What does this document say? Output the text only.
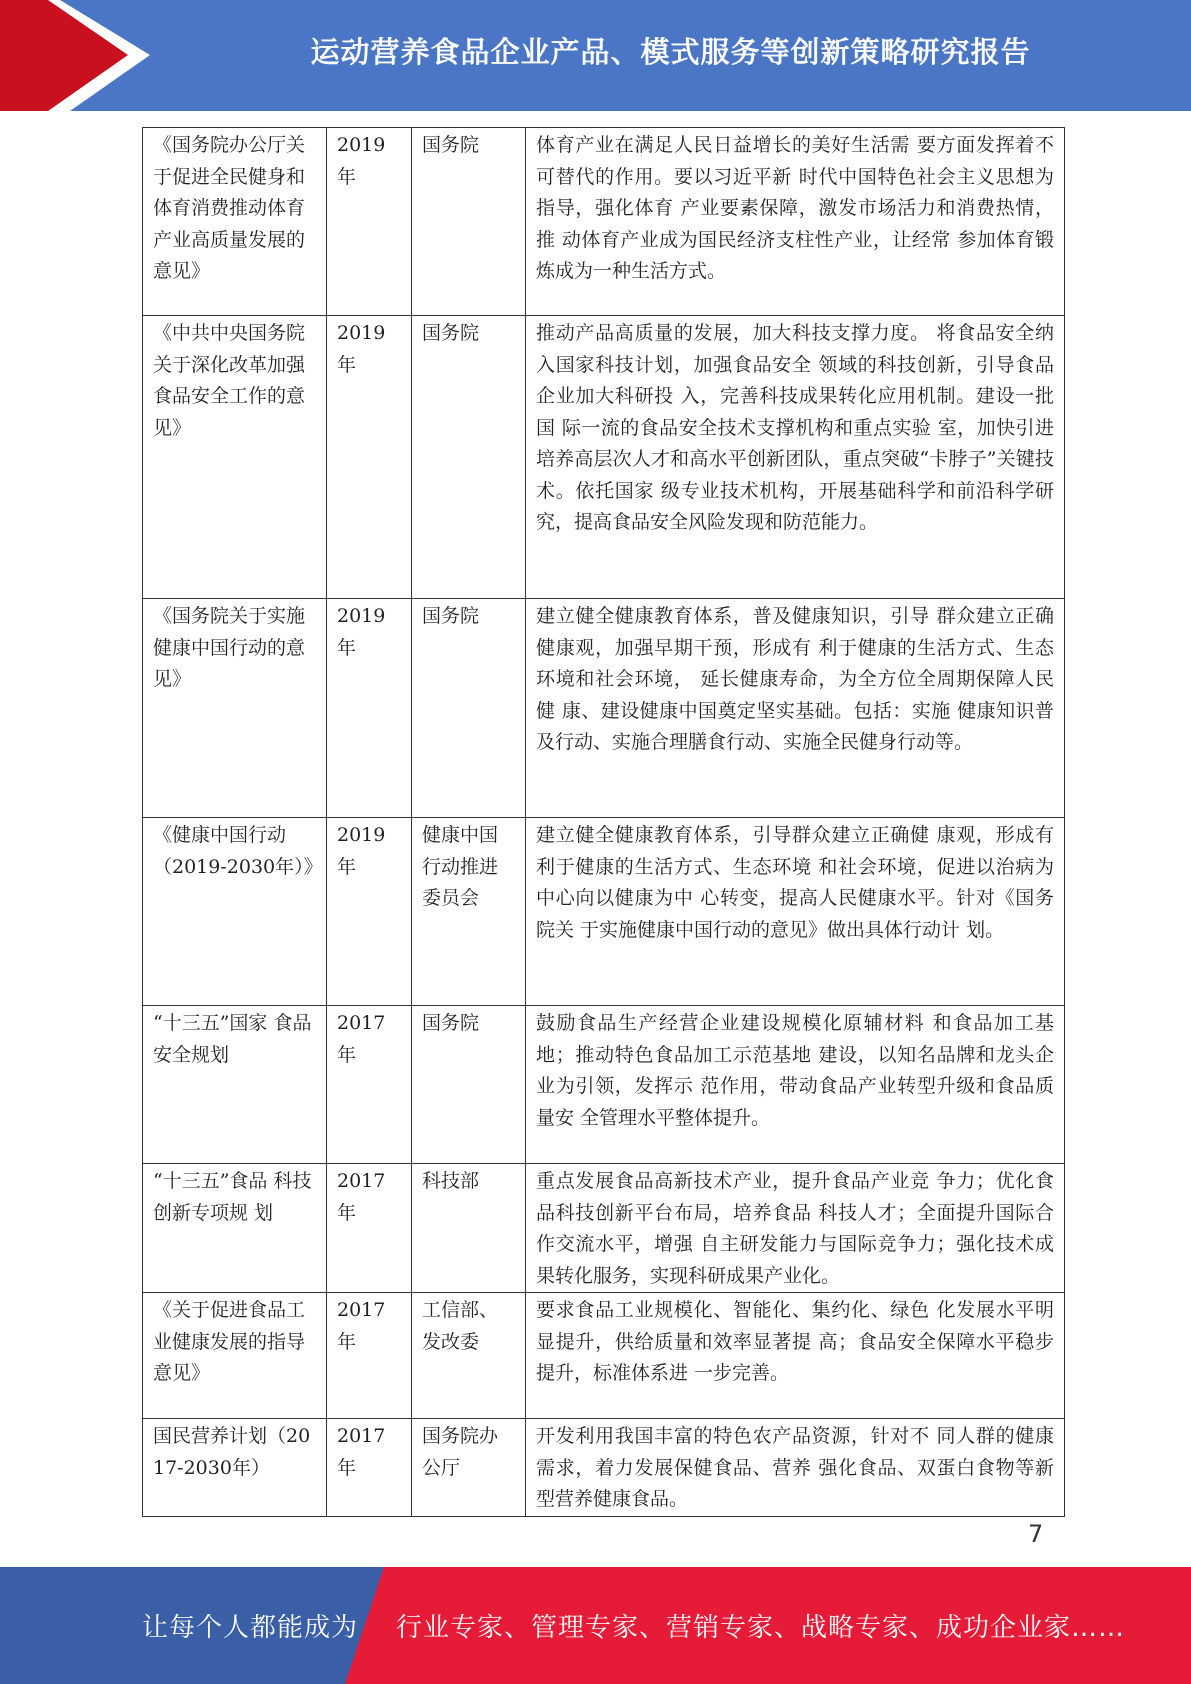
运动营养食品企业产品、模式服务等创新策略研究报告
《国务院办公厅关于促进全民健身和体育消费推动体育产业高质量发展的意见》	2019年	国务院	体育产业在满足人民日益增长的美好生活需 要方面发挥着不可替代的作用。要以习近平新 时代中国特色社会主义思想为指导，强化体育 产业要素保障，激发市场活力和消费热情，推 动体育产业成为国民经济支柱性产业，让经常 参加体育锻炼成为一种生活方式。
《中共中央国务院关于深化改革加强食品安全工作的意见》	2019年	国务院	推动产品高质量的发展，加大科技支撑力度。 将食品安全纳入国家科技计划，加强食品安全 领域的科技创新，引导食品企业加大科研投 入，完善科技成果转化应用机制。建设一批国 际一流的食品安全技术支撑机构和重点实验 室，加快引进培养高层次人才和高水平创新团队，重点突破“卡脖子”关键技术。依托国家 级专业技术机构，开展基础科学和前沿科学研 究，提高食品安全风险发现和防范能力。
《国务院关于实施健康中国行动的意见》	2019年	国务院	建立健全健康教育体系，普及健康知识，引导 群众建立正确健康观，加强早期干预，形成有 利于健康的生活方式、生态环境和社会环境， 延长健康寿命，为全方位全周期保障人民健 康、建设健康中国奠定坚实基础。包括：实施 健康知识普及行动、实施合理膳食行动、实施全民健身行动等。
《健康中国行动（2019-2030年）》	2019年	健康中国行动推进委员会	建立健全健康教育体系，引导群众建立正确健 康观，形成有利于健康的生活方式、生态环境 和社会环境，促进以治病为中心向以健康为中 心转变，提高人民健康水平。针对《国务院关 于实施健康中国行动的意见》做出具体行动计 划。
“十三五”国家 食品安全规划	2017年	国务院	鼓励食品生产经营企业建设规模化原辅材料 和食品加工基地；推动特色食品加工示范基地 建设，以知名品牌和龙头企业为引领，发挥示 范作用，带动食品产业转型升级和食品质量安 全管理水平整体提升。
“十三五”食品 科技创新专项规 划	2017年	科技部	重点发展食品高新技术产业，提升食品产业竞 争力；优化食品科技创新平台布局，培养食品 科技人才；全面提升国际合作交流水平，增强 自主研发能力与国际竞争力；强化技术成果转化服务，实现科研成果产业化。
《关于促进食品工业健康发展的指导意见》	2017年	工信部、发改委	要求食品工业规模化、智能化、集约化、绿色 化发展水平明显提升，供给质量和效率显著提 高；食品安全保障水平稳步提升，标准体系进 一步完善。
国民营养计划（2017-2030年）	2017年	国务院办公厅	开发利用我国丰富的特色农产品资源，针对不 同人群的健康需求，着力发展保健食品、营养 强化食品、双蛋白食物等新型营养健康食品。
7
让每个人都能成为 行业专家、管理专家、营销专家、战略专家、成功企业家……
